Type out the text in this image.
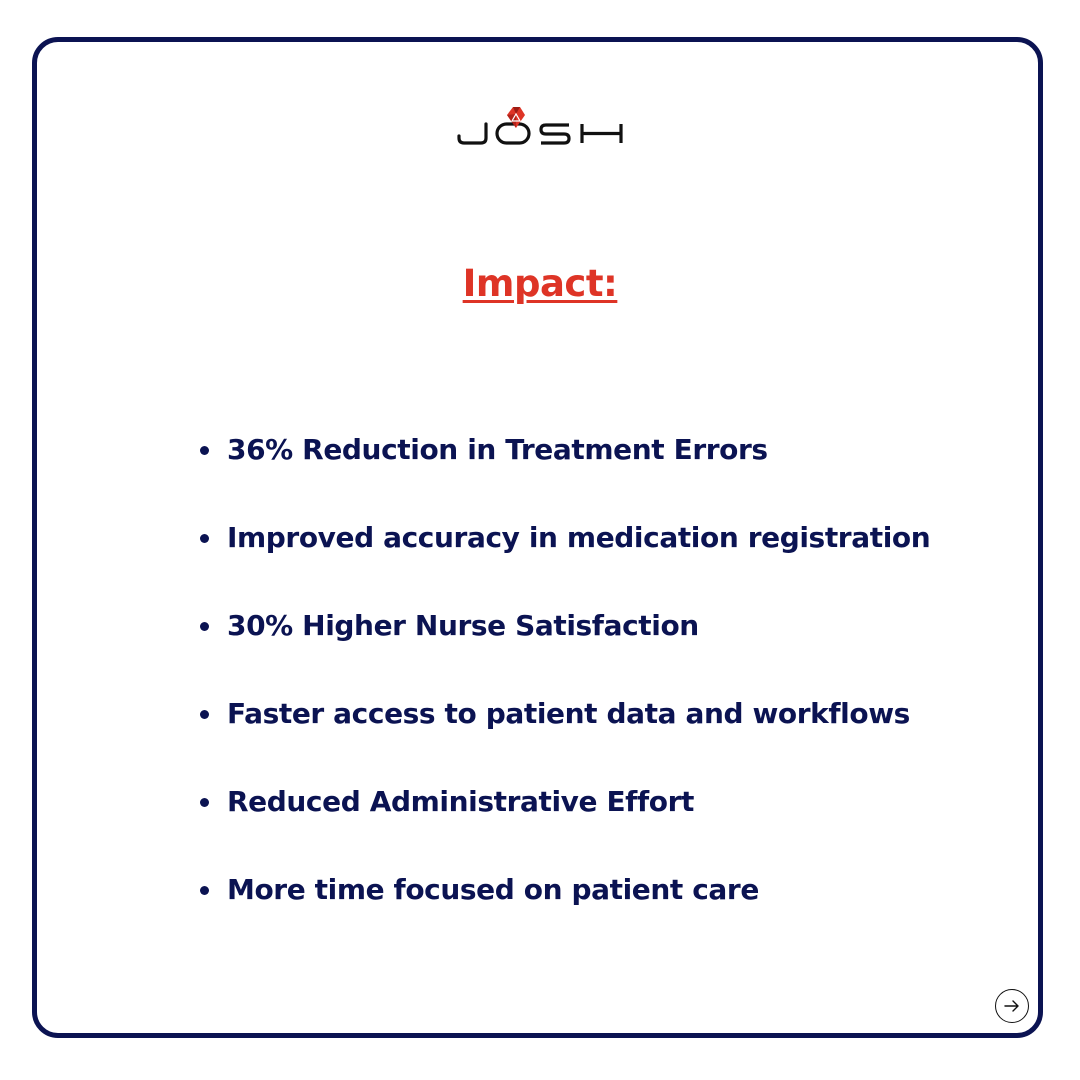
Impact:
36% Reduction in Treatment Errors
Improved accuracy in medication registration
30% Higher Nurse Satisfaction
Faster access to patient data and workflows
Reduced Administrative Effort
More time focused on patient care
